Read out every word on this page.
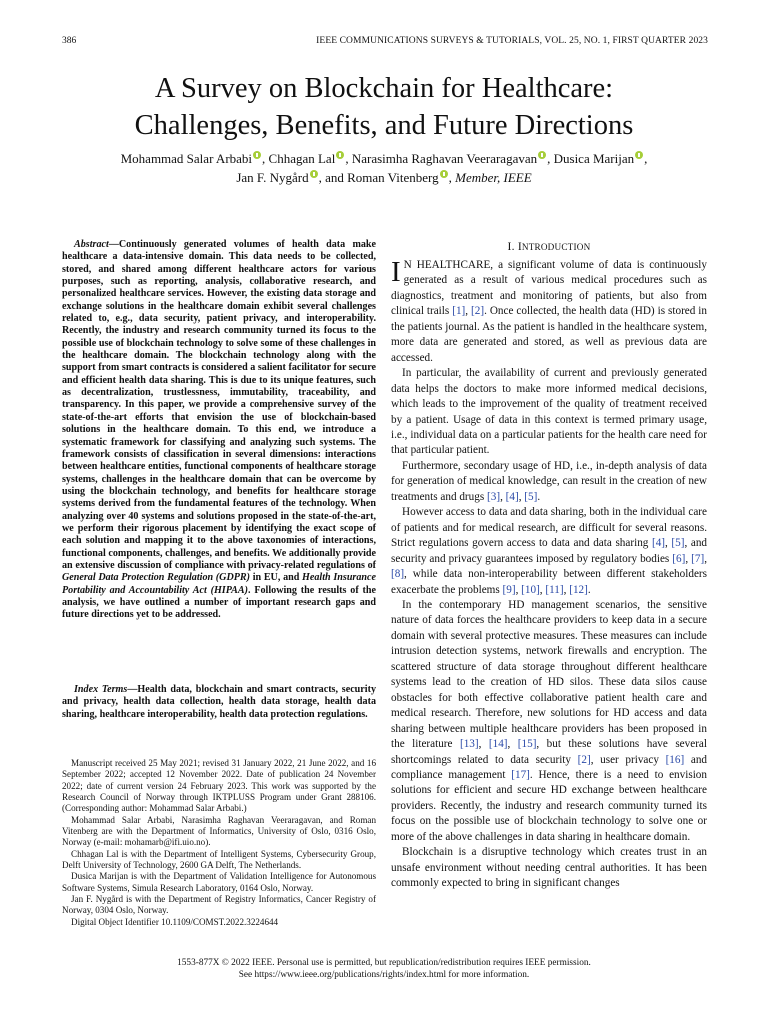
386	IEEE COMMUNICATIONS SURVEYS & TUTORIALS, VOL. 25, NO. 1, FIRST QUARTER 2023
A Survey on Blockchain for Healthcare:
Challenges, Benefits, and Future Directions
Mohammad Salar Arbabi , Chhagan Lal , Narasimha Raghavan Veeraragavan , Dusica Marijan ,
Jan F. Nygård , and Roman Vitenberg , Member, IEEE

Abstract—Continuously generated volumes of health data make healthcare a data-intensive domain. This data needs to be collected, stored, and shared among different healthcare actors for various purposes, such as reporting, analysis, collaborative research, and personalized healthcare services. However, the existing data storage and exchange solutions in the healthcare domain exhibit several challenges related to, e.g., data security, patient privacy, and interoperability. Recently, the industry and research community turned its focus to the possible use of blockchain technology to solve some of these challenges in the healthcare domain. The blockchain technology along with the support from smart contracts is considered a salient facilitator for secure and efficient health data sharing. This is due to its unique features, such as decentralization, trustlessness, immutability, traceability, and transparency. In this paper, we provide a comprehensive survey of the state-of-the-art efforts that envision the use of blockchain-based solutions in the healthcare domain. To this end, we introduce a systematic framework for classifying and analyzing such systems. The framework consists of classification in several dimensions: interactions between healthcare entities, functional components of healthcare storage systems, challenges in the healthcare domain that can be overcome by using the blockchain technology, and benefits for healthcare storage systems derived from the fundamental features of the technology. When analyzing over 40 systems and solutions proposed in the state-of-the-art, we perform their rigorous placement by identifying the exact scope of each solution and mapping it to the above taxonomies of interactions, functional components, challenges, and benefits. We additionally provide an extensive discussion of compliance with privacy-related regulations of General Data Protection Regulation (GDPR) in EU, and Health Insurance Portability and Accountability Act (HIPAA). Following the results of the analysis, we have outlined a number of important research gaps and future directions yet to be addressed.

Index Terms—Health data, blockchain and smart contracts, security and privacy, health data collection, health data storage, health data sharing, healthcare interoperability, health data protection regulations.

Manuscript received 25 May 2021; revised 31 January 2022, 21 June 2022, and 16 September 2022; accepted 12 November 2022. Date of publication 24 November 2022; date of current version 24 February 2023. This work was supported by the Research Council of Norway through IKTPLUSS Program under Grant 288106. (Corresponding author: Mohammad Salar Arbabi.)

Mohammad Salar Arbabi, Narasimha Raghavan Veeraragavan, and Roman Vitenberg are with the Department of Informatics, University of Oslo, 0316 Oslo, Norway (e-mail: mohamarb@ifi.uio.no).

Chhagan Lal is with the Department of Intelligent Systems, Cybersecurity Group, Delft University of Technology, 2600 GA Delft, The Netherlands.

Dusica Marijan is with the Department of Validation Intelligence for Autonomous Software Systems, Simula Research Laboratory, 0164 Oslo, Norway.

Jan F. Nygård is with the Department of Registry Informatics, Cancer Registry of Norway, 0304 Oslo, Norway.

Digital Object Identifier 10.1109/COMST.2022.3224644

I. INTRODUCTION

I N HEALTHCARE, a significant volume of data is continuously generated as a result of various medical procedures such as diagnostics, treatment and monitoring of patients, but also from clinical trails [1], [2]. Once collected, the health data (HD) is stored in the patients journal. As the patient is handled in the healthcare system, more data are generated and stored, as well as previous data are accessed.

In particular, the availability of current and previously generated data helps the doctors to make more informed medical decisions, which leads to the improvement of the quality of treatment received by a patient. Usage of data in this context is termed primary usage, i.e., individual data on a particular patients for the health care need for that particular patient.

Furthermore, secondary usage of HD, i.e., in-depth analysis of data for generation of medical knowledge, can result in the creation of new treatments and drugs [3], [4], [5].

However access to data and data sharing, both in the individual care of patients and for medical research, are difficult for several reasons. Strict regulations govern access to data and data sharing [4], [5], and security and privacy guarantees imposed by regulatory bodies [6], [7], [8], while data non-interoperability between different stakeholders exacerbate the problems [9], [10], [11], [12].

In the contemporary HD management scenarios, the sensitive nature of data forces the healthcare providers to keep data in a secure domain with several protective measures. These measures can include intrusion detection systems, network firewalls and encryption. The scattered structure of data storage throughout different healthcare systems lead to the creation of HD silos. These data silos cause obstacles for both effective collaborative patient health care and medical research. Therefore, new solutions for HD access and data sharing between multiple healthcare providers has been proposed in the literature [13], [14], [15], but these solutions have several shortcomings related to data security [2], user privacy [16] and compliance management [17]. Hence, there is a need to envision solutions for efficient and secure HD exchange between healthcare providers. Recently, the industry and research community turned its focus on the possible use of blockchain technology to solve one or more of the above challenges in data sharing in healthcare domain.

Blockchain is a disruptive technology which creates trust in an unsafe environment without needing central authorities. It has been commonly expected to bring in significant changes

1553-877X © 2022 IEEE. Personal use is permitted, but republication/redistribution requires IEEE permission.
See https://www.ieee.org/publications/rights/index.html for more information.
